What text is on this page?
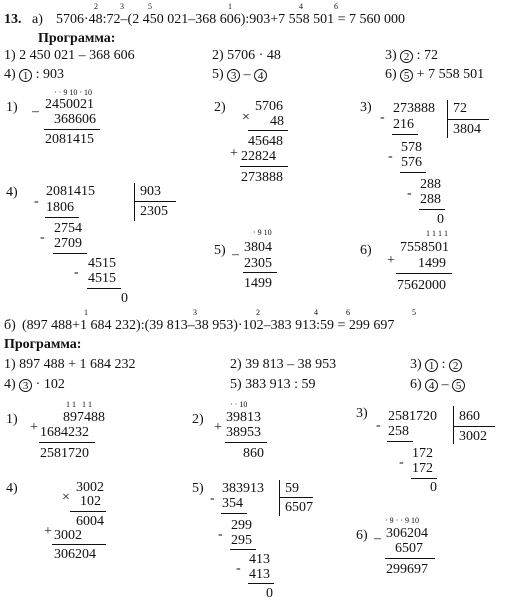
13. а) 5706·48:72–(2 450 021–368 606):903+7 558 501 = 7 560 000
2	3	5	1	4	6
Программа:
1) 2 450 021 – 368 606	2) 5706 · 48	3) 2 : 72
4) 1 : 903	5) 3 – 4	6) 5 + 7 558 501
1)
· · 9 10 · 10
– 2450021
368606
2081415
2)
×
5706
48
45648
+ 22824
273888
3)
-
273888 72
3804
216
578
- 576
288
- 288
0
4)
-
2081415	903
2305
1806
2754
- 2709
4515
- 4515
0
5)
· 9 10
– 3804
2305
1499
6)
1 1 1 1
+
7558501
1499
7562000
б) (897 488+1 684 232):(39 813–38 953)·102–383 913:59 = 299 697
1	3	2	4	6	5
Программа:
1) 897 488 + 1 684 232	2) 39 813 – 38 953	3) 1 : 2
4) 3 · 102	5) 383 913 : 59	6) 4 – 5
1)
1 1   1 1
+
897488
1684232
2581720
2)
· · 10
+
39813
38953
860
3)
-
2581720 860
3002
258
172
- 172
0
4)
×
3002
102
6004
+ 3002
306204
5)
-
383913 59
6507
354
299
- 295
413
- 413
0
6)
· 9 · · 9 10
– 306204
6507
299697
